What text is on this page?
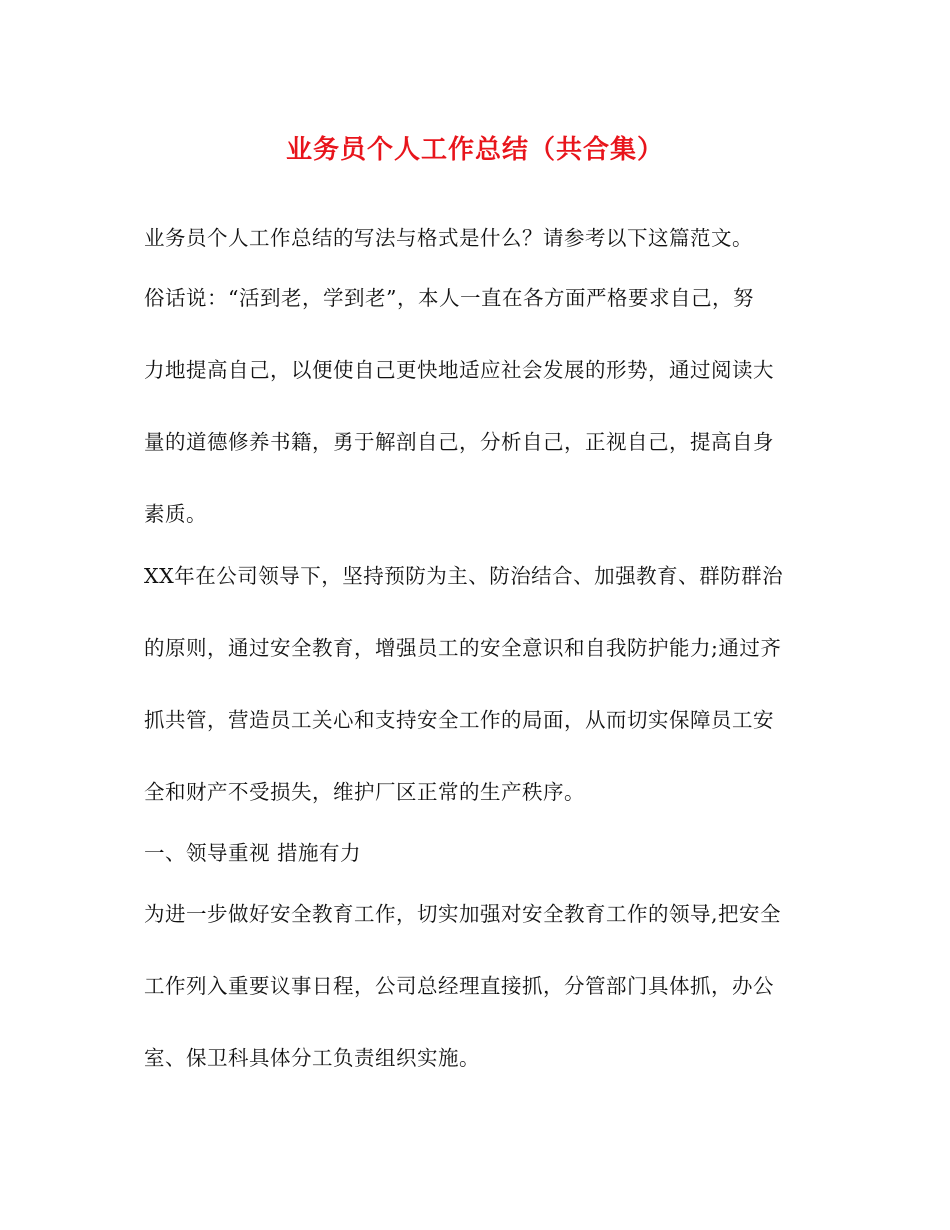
业务员个人工作总结（共合集）
业务员个人工作总结的写法与格式是什么？请参考以下这篇范文。
俗话说：“活到老，学到老”，本人一直在各方面严格要求自己，努
力地提高自己，以便使自己更快地适应社会发展的形势，通过阅读大
量的道德修养书籍，勇于解剖自己，分析自己，正视自己，提高自身
素质。
XX年在公司领导下，坚持预防为主、防治结合、加强教育、群防群治
的原则，通过安全教育，增强员工的安全意识和自我防护能力;通过齐
抓共管，营造员工关心和支持安全工作的局面，从而切实保障员工安
全和财产不受损失，维护厂区正常的生产秩序。
一、领导重视 措施有力
为进一步做好安全教育工作，切实加强对安全教育工作的领导,把安全
工作列入重要议事日程，公司总经理直接抓，分管部门具体抓，办公
室、保卫科具体分工负责组织实施。
